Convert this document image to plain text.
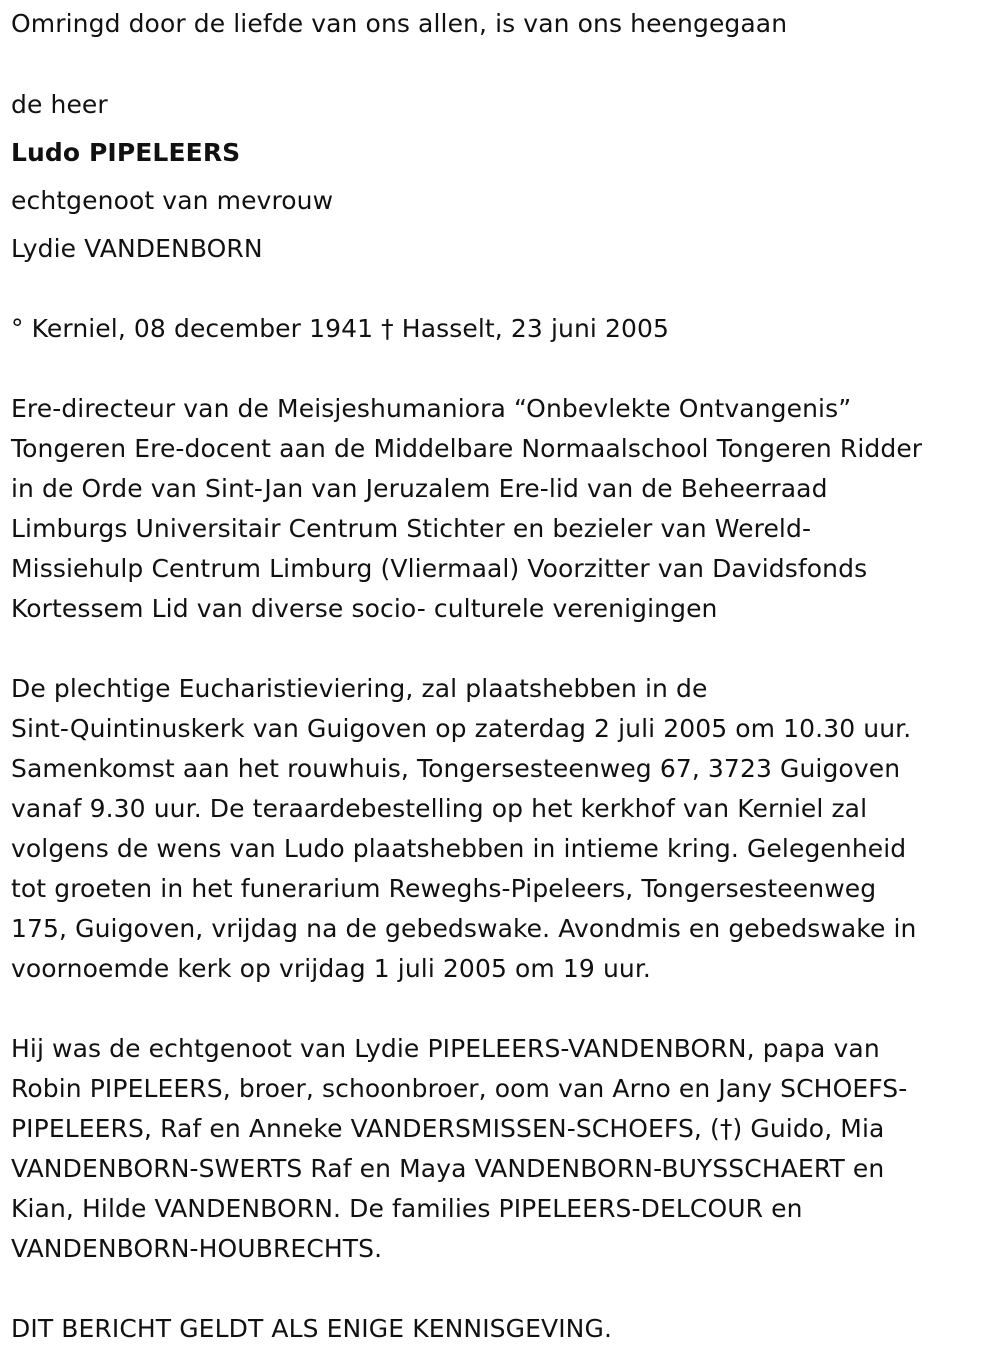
Omringd door de liefde van ons allen, is van ons heengegaan
de heer
Ludo PIPELEERS
echtgenoot van mevrouw
Lydie VANDENBORN
° Kerniel, 08 december 1941 † Hasselt, 23 juni 2005
Ere-directeur van de Meisjeshumaniora “Onbevlekte Ontvangenis”
Tongeren Ere-docent aan de Middelbare Normaalschool Tongeren Ridder
in de Orde van Sint-Jan van Jeruzalem Ere-lid van de Beheerraad
Limburgs Universitair Centrum Stichter en bezieler van Wereld-
Missiehulp Centrum Limburg (Vliermaal) Voorzitter van Davidsfonds
Kortessem Lid van diverse socio- culturele verenigingen
De plechtige Eucharistieviering, zal plaatshebben in de
Sint-Quintinuskerk van Guigoven op zaterdag 2 juli 2005 om 10.30 uur.
Samenkomst aan het rouwhuis, Tongersesteenweg 67, 3723 Guigoven
vanaf 9.30 uur. De teraardebestelling op het kerkhof van Kerniel zal
volgens de wens van Ludo plaatshebben in intieme kring. Gelegenheid
tot groeten in het funerarium Reweghs-Pipeleers, Tongersesteenweg
175, Guigoven, vrijdag na de gebedswake. Avondmis en gebedswake in
voornoemde kerk op vrijdag 1 juli 2005 om 19 uur.
Hij was de echtgenoot van Lydie PIPELEERS-VANDENBORN, papa van
Robin PIPELEERS, broer, schoonbroer, oom van Arno en Jany SCHOEFS-
PIPELEERS, Raf en Anneke VANDERSMISSEN-SCHOEFS, (†) Guido, Mia
VANDENBORN-SWERTS Raf en Maya VANDENBORN-BUYSSCHAERT en
Kian, Hilde VANDENBORN. De families PIPELEERS-DELCOUR en
VANDENBORN-HOUBRECHTS.
DIT BERICHT GELDT ALS ENIGE KENNISGEVING.
